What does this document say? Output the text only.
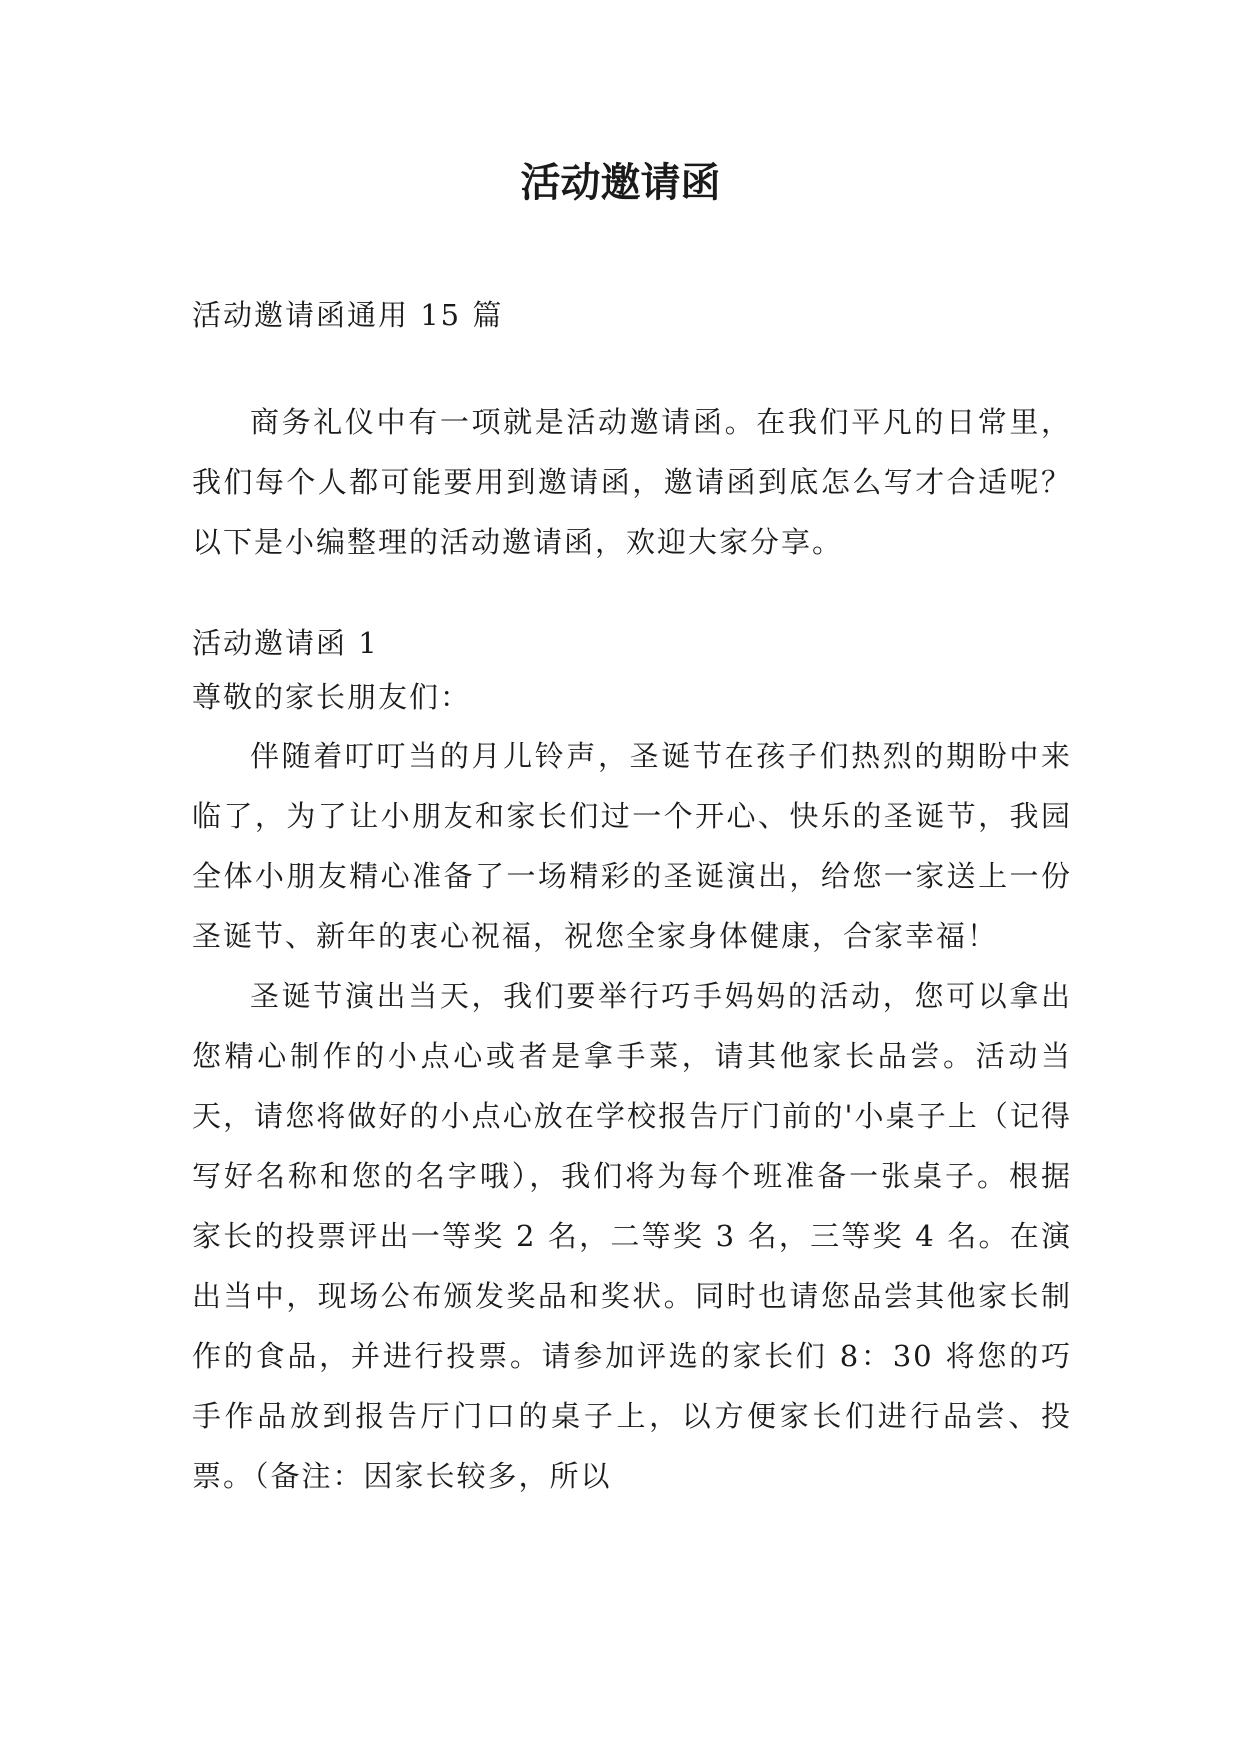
活动邀请函

活动邀请函通用 15 篇

商务礼仪中有一项就是活动邀请函。在我们平凡的日常里，我们每个人都可能要用到邀请函，邀请函到底怎么写才合适呢？以下是小编整理的活动邀请函，欢迎大家分享。

活动邀请函 1

尊敬的家长朋友们：

伴随着叮叮当的月儿铃声，圣诞节在孩子们热烈的期盼中来临了，为了让小朋友和家长们过一个开心、快乐的圣诞节，我园全体小朋友精心准备了一场精彩的圣诞演出，给您一家送上一份圣诞节、新年的衷心祝福，祝您全家身体健康，合家幸福！

圣诞节演出当天，我们要举行巧手妈妈的活动，您可以拿出您精心制作的小点心或者是拿手菜，请其他家长品尝。活动当天，请您将做好的小点心放在学校报告厅门前的'小桌子上（记得写好名称和您的名字哦），我们将为每个班准备一张桌子。根据家长的投票评出一等奖 2 名，二等奖 3 名，三等奖 4 名。在演出当中，现场公布颁发奖品和奖状。同时也请您品尝其他家长制作的食品，并进行投票。请参加评选的家长们 8：30 将您的巧手作品放到报告厅门口的桌子上，以方便家长们进行品尝、投票。（备注：因家长较多，所以
